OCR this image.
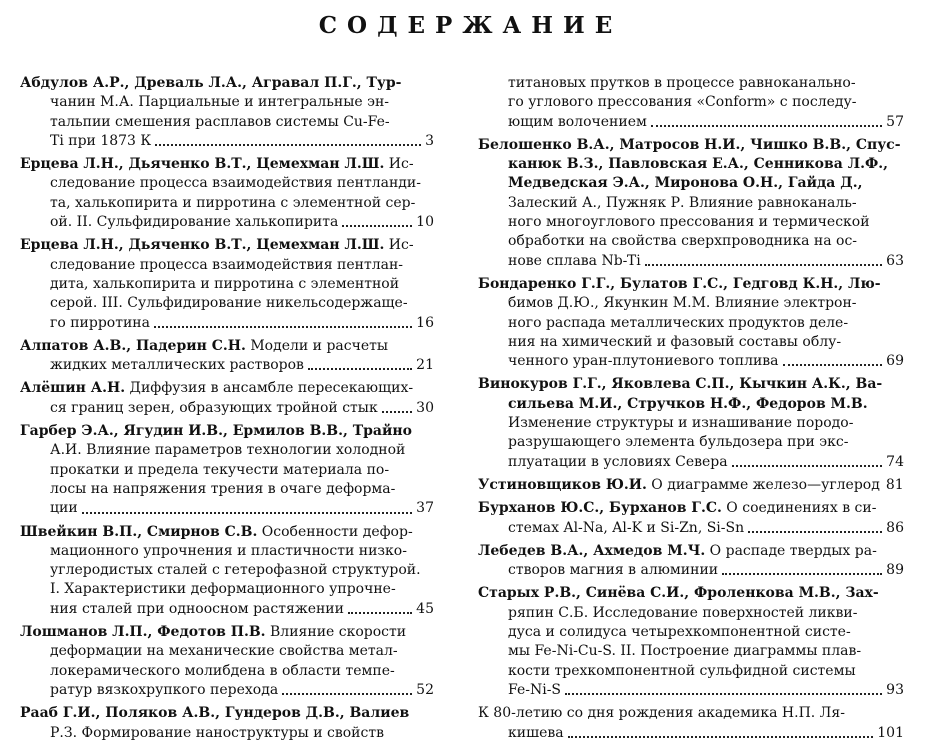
СОДЕРЖАНИЕ
Абдулов А.Р., Древаль Л.А., Агравал П.Г., Тур-
чанин М.А. Парциальные и интегральные эн-
тальпии смешения расплавов системы Cu-Fe-
Ti при 1873 К	3
Ерцева Л.Н., Дьяченко В.Т., Цемехман Л.Ш. Ис-
следование процесса взаимодействия пентланди-
та, халькопирита и пирротина с элементной сер-
ой. II. Сульфидирование халькопирита	10
Ерцева Л.Н., Дьяченко В.Т., Цемехман Л.Ш. Ис-
следование процесса взаимодействия пентлан-
дита, халькопирита и пирротина с элементной
серой. III. Сульфидирование никельсодержаще-
го пирротина	16
Алпатов А.В., Падерин С.Н. Модели и расчеты
жидких металлических растворов	21
Алёшин А.Н. Диффузия в ансамбле пересекающих-
ся границ зерен, образующих тройной стык	30
Гарбер Э.А., Ягудин И.В., Ермилов В.В., Трайно
А.И. Влияние параметров технологии холодной
прокатки и предела текучести материала по-
лосы на напряжения трения в очаге деформа-
ции	37
Швейкин В.П., Смирнов С.В. Особенности дефор-
мационного упрочнения и пластичности низко-
углеродистых сталей с гетерофазной структурой.
I. Характеристики деформационного упрочне-
ния сталей при одноосном растяжении	45
Лошманов Л.П., Федотов П.В. Влияние скорости
деформации на механические свойства метал-
локерамического молибдена в области темпе-
ратур вязкохрупкого перехода	52
Рааб Г.И., Поляков А.В., Гундеров Д.В., Валиев
Р.З. Формирование наноструктуры и свойств
титановых прутков в процессе равноканально-
го углового прессования «Conform» с последу-
ющим волочением	57
Белошенко В.А., Матросов Н.И., Чишко В.В., Спус-
канюк В.З., Павловская Е.А., Сенникова Л.Ф.,
Медведская Э.А., Миронова О.Н., Гайда Д.,
Залеский А., Пужняк Р. Влияние равноканаль-
ного многоуглового прессования и термической
обработки на свойства сверхпроводника на ос-
нове сплава Nb-Ti	63
Бондаренко Г.Г., Булатов Г.С., Гедговд К.Н., Лю-
бимов Д.Ю., Якункин М.М. Влияние электрон-
ного распада металлических продуктов деле-
ния на химический и фазовый составы облу-
ченного уран-плутониевого топлива	69
Винокуров Г.Г., Яковлева С.П., Кычкин А.К., Ва-
сильева М.И., Стручков Н.Ф., Федоров М.В.
Изменение структуры и изнашивание породо-
разрушающего элемента бульдозера при экс-
плуатации в условиях Севера	74
Устиновщиков Ю.И. О диаграмме железо—углерод 81
Бурханов Ю.С., Бурханов Г.С. О соединениях в си-
стемах Al-Na, Al-K и Si-Zn, Si-Sn	86
Лебедев В.А., Ахмедов М.Ч. О распаде твердых ра-
створов магния в алюминии	89
Старых Р.В., Синёва С.И., Фроленкова М.В., Зах-
ряпин С.Б. Исследование поверхностей ликви-
дуса и солидуса четырехкомпонентной систе-
мы Fe-Ni-Cu-S. II. Построение диаграммы плав-
кости трехкомпонентной сульфидной системы
Fe-Ni-S	93
К 80-летию со дня рождения академика Н.П. Ля-
кишева	101
